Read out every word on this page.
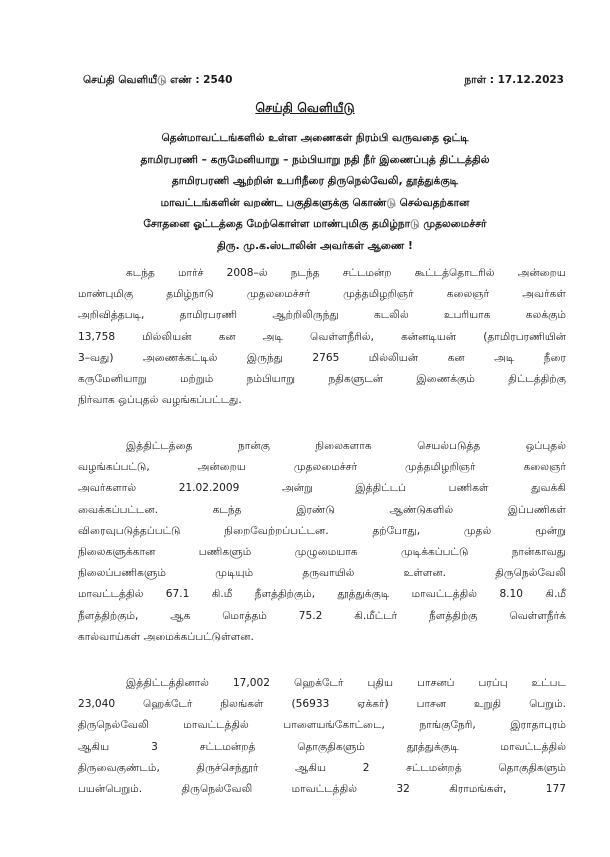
செய்தி வெளியீடு எண் : 2540	நாள் : 17.12.2023
செய்தி வெளியீடு
தென்மாவட்டங்களில் உள்ள அணைகள் நிரம்பி வருவதை ஒட்டி
தாமிரபரணி – கருமேனியாறு – நம்பியாறு நதி நீர் இணைப்புத் திட்டத்தில்
தாமிரபரணி ஆற்றின் உபரிநீரை திருநெல்வேலி, தூத்துக்குடி
மாவட்டங்களின் வறண்ட பகுதிகளுக்கு கொண்டு செல்வதற்கான
சோதனை ஓட்டத்தை மேற்கொள்ள மாண்புமிகு தமிழ்நாடு முதலமைச்சர்
திரு. மு.க.ஸ்டாலின் அவர்கள் ஆணை !
கடந்த மார்ச் 2008–ல் நடந்த சட்டமன்ற கூட்டத்தொடரில் அன்றைய
மாண்புமிகு தமிழ்நாடு முதலமைச்சர் முத்தமிழறிஞர் கலைஞர் அவர்கள்
அறிவித்தபடி, தாமிரபரணி ஆற்றிலிருந்து கடலில் உபரியாக கலக்கும்
13,758 மில்லியன் கன அடி வெள்ளநீரில், கன்னடியன் (தாமிரபரணியின்
3–வது) அணைக்கட்டில் இருந்து 2765 மில்லியன் கன அடி நீரை
கருமேனியாறு மற்றும் நம்பியாறு நதிகளுடன் இணைக்கும் திட்டத்திற்கு
நிர்வாக ஒப்புதல் வழங்கப்பட்டது.
இத்திட்டத்தை நான்கு நிலைகளாக செயல்படுத்த ஒப்புதல்
வழங்கப்பட்டு, அன்றைய முதலமைச்சர் முத்தமிழறிஞர் கலைஞர்
அவர்களால் 21.02.2009 அன்று இத்திட்டப் பணிகள் துவக்கி
வைக்கப்பட்டன. கடந்த இரண்டு ஆண்டுகளில் இப்பணிகள்
விரைவுபடுத்தப்பட்டு நிறைவேற்றப்பட்டன. தற்போது, முதல் மூன்று
நிலைகளுக்கான பணிகளும் முழுமையாக முடிக்கப்பட்டு நான்காவது
நிலைப்பணிகளும் முடியும் தருவாயில் உள்ளன. திருநெல்வேலி
மாவட்டத்தில் 67.1 கி.மீ நீளத்திற்கும், தூத்துக்குடி மாவட்டத்தில் 8.10 கி.மீ
நீளத்திற்கும், ஆக மொத்தம் 75.2 கி.மீட்டர் நீளத்திற்கு வெள்ளநீர்க்
கால்வாய்கள் அமைக்கப்பட்டுள்ளன.
இத்திட்டத்தினால் 17,002 ஹெக்டேர் புதிய பாசனப் பரப்பு உட்பட
23,040 ஹெக்டேர் நிலங்கள் (56933 ஏக்கர்) பாசன உறுதி பெறும்.
திருநெல்வேலி மாவட்டத்தில் பாளையங்கோட்டை, நாங்குநேரி, இராதாபுரம்
ஆகிய 3 சட்டமன்றத் தொகுதிகளும் தூத்துக்குடி மாவட்டத்தில்
திருவைகுண்டம், திருச்செந்தூர் ஆகிய 2 சட்டமன்றத் தொகுதிகளும்
பயன்பெறும். திருநெல்வேலி மாவட்டத்தில் 32 கிராமங்கள், 177
